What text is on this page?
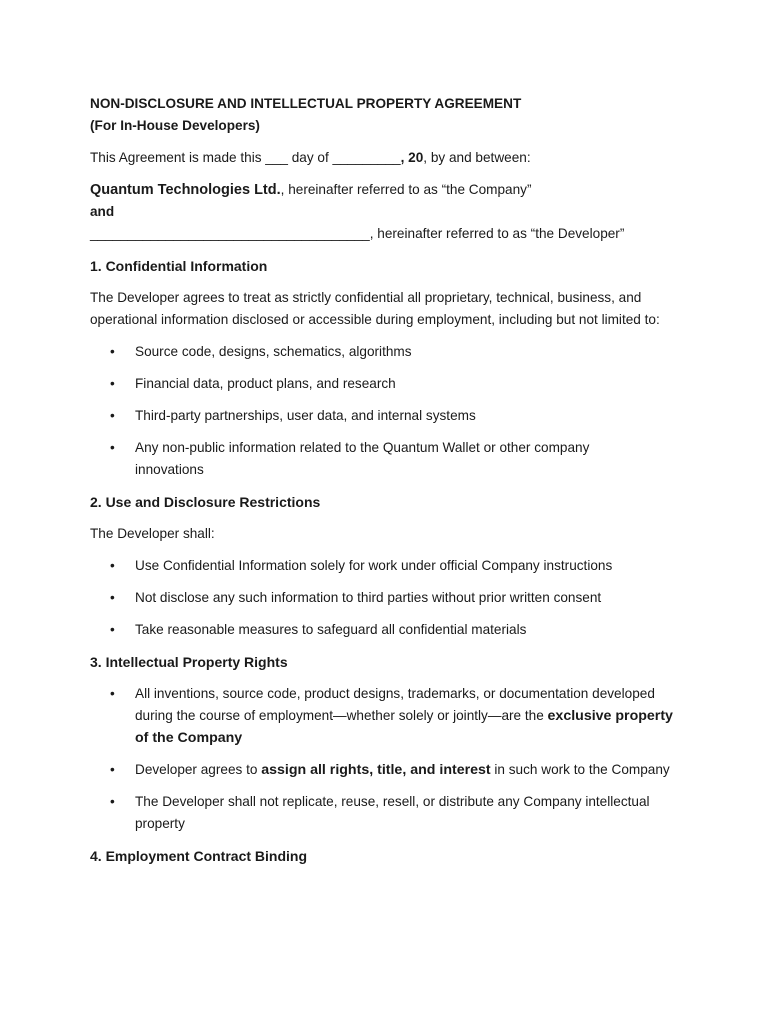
NON-DISCLOSURE AND INTELLECTUAL PROPERTY AGREEMENT

(For In-House Developers)

This Agreement is made this ___ day of _________, 20, by and between:

Quantum Technologies Ltd., hereinafter referred to as “the Company”

and

_____________________________________, hereinafter referred to as “the Developer”

1. Confidential Information

The Developer agrees to treat as strictly confidential all proprietary, technical, business, and operational information disclosed or accessible during employment, including but not limited to:

• Source code, designs, schematics, algorithms
• Financial data, product plans, and research
• Third-party partnerships, user data, and internal systems
• Any non-public information related to the Quantum Wallet or other company innovations
2. Use and Disclosure Restrictions

The Developer shall:

• Use Confidential Information solely for work under official Company instructions
• Not disclose any such information to third parties without prior written consent
• Take reasonable measures to safeguard all confidential materials
3. Intellectual Property Rights
• All inventions, source code, product designs, trademarks, or documentation developed during the course of employment—whether solely or jointly—are the exclusive property of the Company
• Developer agrees to assign all rights, title, and interest in such work to the Company
• The Developer shall not replicate, reuse, resell, or distribute any Company intellectual property
4. Employment Contract Binding
